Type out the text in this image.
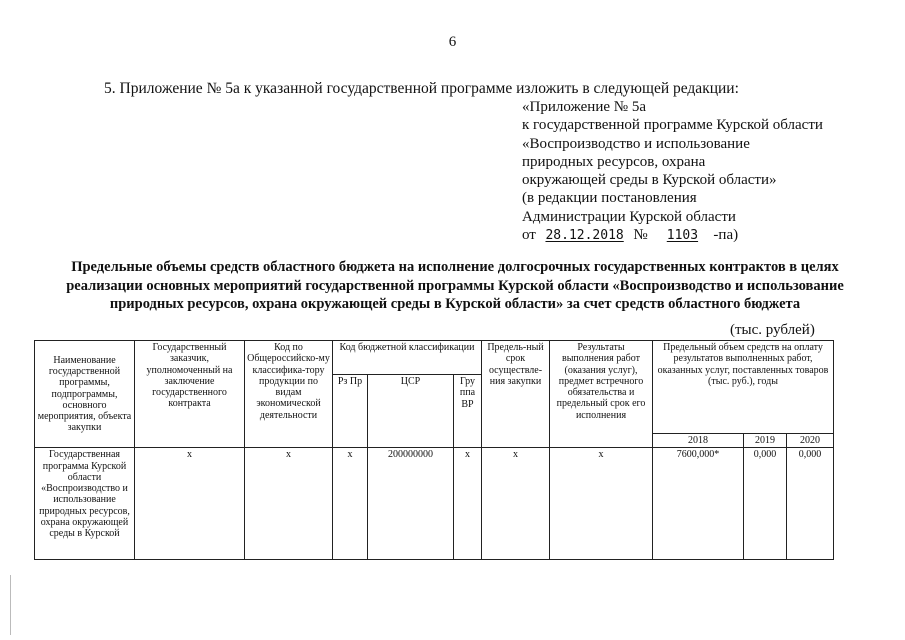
6
5. Приложение № 5а к указанной государственной программе изложить в следующей редакции:
«Приложение № 5а
к государственной программе Курской области
«Воспроизводство и использование
природных ресурсов, охрана
окружающей среды в Курской области»
(в редакции постановления
Администрации Курской области
от 28.12.2018 № 1103 -па)
Предельные объемы средств областного бюджета на исполнение долгосрочных государственных контрактов в целях реализации основных мероприятий государственной программы Курской области «Воспроизводство и использование природных ресурсов, охрана окружающей среды в Курской области» за счет средств областного бюджета
(тыс. рублей)
Наименование государственной программы, подпрограммы, основного мероприятия, объекта закупки	Государственный заказчик, уполномоченный на заключение государственного контракта	Код по Общероссийско-му классифика-тору продукции по видам экономической деятельности	Код бюджетной классификации			Предель-ный срок осуществле-ния закупки	Результаты выполнения работ (оказания услуг), предмет встречного обязательства и предельный срок его исполнения	Предельный объем средств на оплату результатов выполненных работ, оказанных услуг, поставленных товаров (тыс. руб.), годы		
			Рз Пр	ЦСР	Гру ппа ВР					
								2018	2019	2020
Государственная программа Курской области «Воспроизводство и использование природных ресурсов, охрана окружающей среды в Курской	х	х	х	200000000	х	х	х	7600,000*	0,000	0,000
